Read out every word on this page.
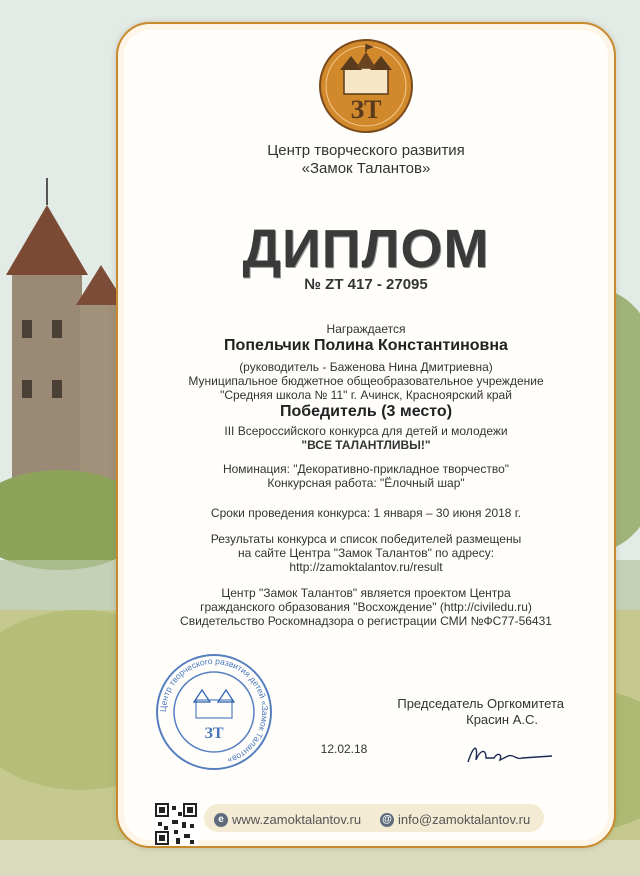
ЗТ
Центр творческого развития
«Замок Талантов»
ДИПЛОМ
№ ZT 417 - 27095
Награждается
Попельчик Полина Константиновна
(руководитель - Баженова Нина Дмитриевна)
Муниципальное бюджетное общеобразовательное учреждение
"Средняя школа № 11" г. Ачинск, Красноярский край
Победитель (3 место)
III Всероссийского конкурса для детей и молодежи
"ВСЕ ТАЛАНТЛИВЫ!"
Номинация: "Декоративно-прикладное творчество"
Конкурсная работа: "Ёлочный шар"
Сроки проведения конкурса: 1 января – 30 июня 2018 г.
Результаты конкурса и список победителей размещены
на сайте Центра "Замок Талантов" по адресу:
http://zamoktalantov.ru/result
Центр "Замок Талантов" является проектом Центра
гражданского образования "Восхождение" (http://civiledu.ru)
Свидетельство Роскомнадзора о регистрации СМИ №ФС77-56431
Центр творческого развития детей «Замок Талантов»
ЗТ
Председатель Оргкомитета
Красин А.С.
12.02.18
e www.zamoktalantov.ru @ info@zamoktalantov.ru
